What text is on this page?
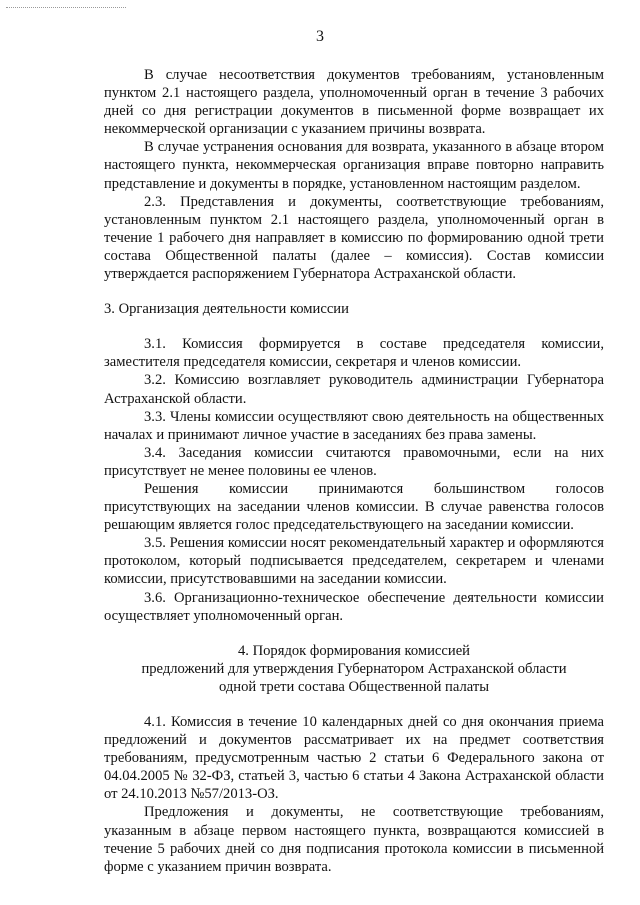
3

В случае несоответствия документов требованиям, установленным пунктом 2.1 настоящего раздела, уполномоченный орган в течение 3 рабочих дней со дня регистрации документов в письменной форме возвращает их некоммерческой организации с указанием причины возврата.

В случае устранения основания для возврата, указанного в абзаце втором настоящего пункта, некоммерческая организация вправе повторно направить представление и документы в порядке, установленном настоящим разделом.

2.3. Представления и документы, соответствующие требованиям, установленным пунктом 2.1 настоящего раздела, уполномоченный орган в течение 1 рабочего дня направляет в комиссию по формированию одной трети состава Общественной палаты (далее – комиссия). Состав комиссии утверждается распоряжением Губернатора Астраханской области.

3. Организация деятельности комиссии

3.1. Комиссия формируется в составе председателя комиссии, заместителя председателя комиссии, секретаря и членов комиссии.

3.2. Комиссию возглавляет руководитель администрации Губернатора Астраханской области.

3.3. Члены комиссии осуществляют свою деятельность на общественных началах и принимают личное участие в заседаниях без права замены.

3.4. Заседания комиссии считаются правомочными, если на них присутствует не менее половины ее членов.

Решения комиссии принимаются большинством голосов присутствующих на заседании членов комиссии. В случае равенства голосов решающим является голос председательствующего на заседании комиссии.

3.5. Решения комиссии носят рекомендательный характер и оформляются протоколом, который подписывается председателем, секретарем и членами комиссии, присутствовавшими на заседании комиссии.

3.6. Организационно-техническое обеспечение деятельности комиссии осуществляет уполномоченный орган.

4. Порядок формирования комиссией
предложений для утверждения Губернатором Астраханской области
одной трети состава Общественной палаты

4.1. Комиссия в течение 10 календарных дней со дня окончания приема предложений и документов рассматривает их на предмет соответствия требованиям, предусмотренным частью 2 статьи 6 Федерального закона от 04.04.2005 № 32-ФЗ, статьей 3, частью 6 статьи 4 Закона Астраханской области от 24.10.2013 №57/2013-ОЗ.

Предложения и документы, не соответствующие требованиям, указанным в абзаце первом настоящего пункта, возвращаются комиссией в течение 5 рабочих дней со дня подписания протокола комиссии в письменной форме с указанием причин возврата.
